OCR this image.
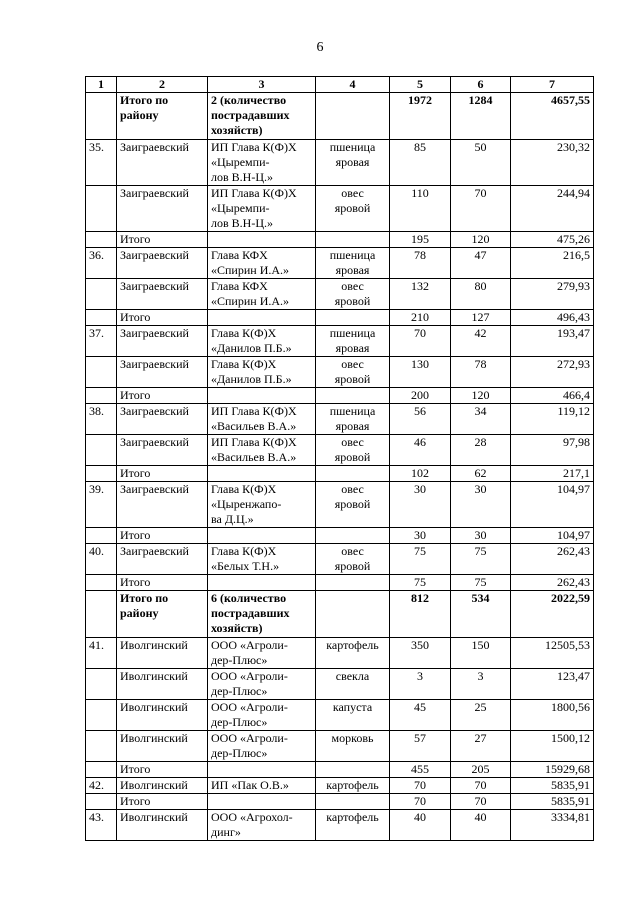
6
1	2	3	4	5	6	7

	Итого по
району	2 (количество
пострадавших
хозяйств)		1972	1284	4657,55

35.	Заиграевский	ИП Глава К(Ф)Х
«Цыремпи-
лов В.Н-Ц.»	пшеница
яровая	85	50	230,32

	Заиграевский	ИП Глава К(Ф)Х
«Цыремпи-
лов В.Н-Ц.»	овес
яровой	110	70	244,94

	Итого			195	120	475,26

36.	Заиграевский	Глава КФХ
«Спирин И.А.»	пшеница
яровая	78	47	216,5

	Заиграевский	Глава КФХ
«Спирин И.А.»	овес
яровой	132	80	279,93

	Итого			210	127	496,43

37.	Заиграевский	Глава К(Ф)Х
«Данилов П.Б.»	пшеница
яровая	70	42	193,47

	Заиграевский	Глава К(Ф)Х
«Данилов П.Б.»	овес
яровой	130	78	272,93

	Итого			200	120	466,4

38.	Заиграевский	ИП Глава К(Ф)Х
«Васильев В.А.»	пшеница
яровая	56	34	119,12

	Заиграевский	ИП Глава К(Ф)Х
«Васильев В.А.»	овес
яровой	46	28	97,98

	Итого			102	62	217,1

39.	Заиграевский	Глава К(Ф)Х
«Цыренжапо-
ва Д.Ц.»	овес
яровой	30	30	104,97

	Итого			30	30	104,97

40.	Заиграевский	Глава К(Ф)Х
«Белых Т.Н.»	овес
яровой	75	75	262,43

	Итого			75	75	262,43

	Итого по
району	6 (количество
пострадавших
хозяйств)		812	534	2022,59

41.	Иволгинский	ООО «Агроли-
дер-Плюс»	картофель	350	150	12505,53

	Иволгинский	ООО «Агроли-
дер-Плюс»	свекла	3	3	123,47

	Иволгинский	ООО «Агроли-
дер-Плюс»	капуста	45	25	1800,56

	Иволгинский	ООО «Агроли-
дер-Плюс»	морковь	57	27	1500,12

	Итого			455	205	15929,68

42.	Иволгинский	ИП «Пак О.В.»	картофель	70	70	5835,91

	Итого			70	70	5835,91

43.	Иволгинский	ООО «Агрохол-
динг»	картофель	40	40	3334,81
